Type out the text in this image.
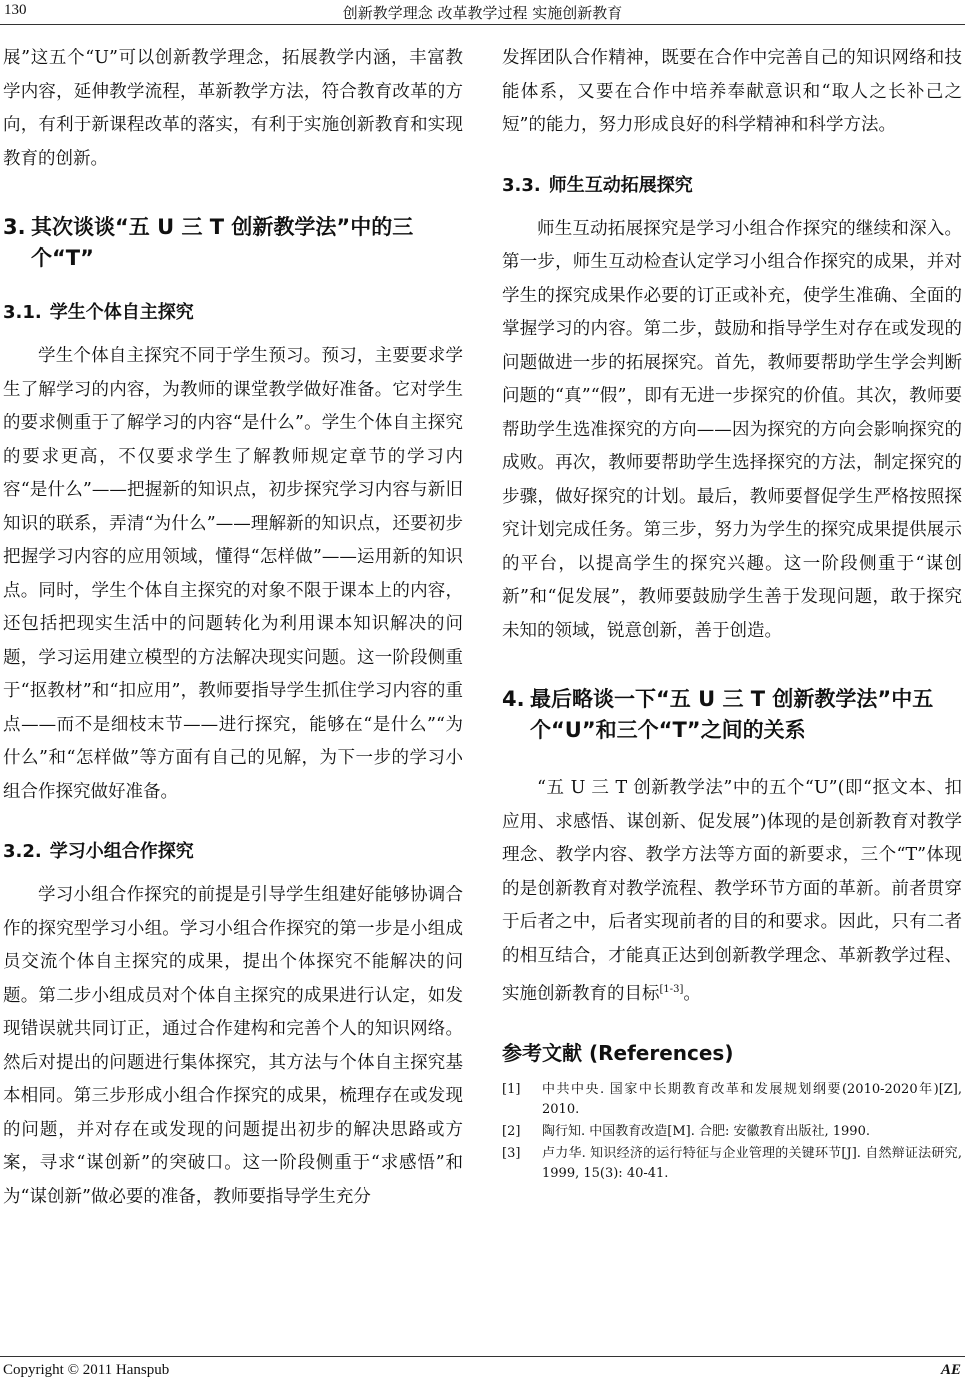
130	创新教学理念 改革教学过程 实施创新教育

展”这五个“U”可以创新教学理念，拓展教学内涵，丰富教学内容，延伸教学流程，革新教学方法，符合教育改革的方向，有利于新课程改革的落实，有利于实施创新教育和实现教育的创新。

3. 其次谈谈“五 U 三 T 创新教学法”中的三个“T”
3.1. 学生个体自主探究

学生个体自主探究不同于学生预习。预习，主要要求学生了解学习的内容，为教师的课堂教学做好准备。它对学生的要求侧重于了解学习的内容“是什么”。学生个体自主探究的要求更高，不仅要求学生了解教师规定章节的学习内容“是什么”——把握新的知识点，初步探究学习内容与新旧知识的联系，弄清“为什么”——理解新的知识点，还要初步把握学习内容的应用领域，懂得“怎样做”——运用新的知识点。同时，学生个体自主探究的对象不限于课本上的内容，还包括把现实生活中的问题转化为利用课本知识解决的问题，学习运用建立模型的方法解决现实问题。这一阶段侧重于“抠教材”和“扣应用”，教师要指导学生抓住学习内容的重点——而不是细枝末节——进行探究，能够在“是什么”“为什么”和“怎样做”等方面有自己的见解，为下一步的学习小组合作探究做好准备。

3.2. 学习小组合作探究

学习小组合作探究的前提是引导学生组建好能够协调合作的探究型学习小组。学习小组合作探究的第一步是小组成员交流个体自主探究的成果，提出个体探究不能解决的问题。第二步小组成员对个体自主探究的成果进行认定，如发现错误就共同订正，通过合作建构和完善个人的知识网络。然后对提出的问题进行集体探究，其方法与个体自主探究基本相同。第三步形成小组合作探究的成果，梳理存在或发现的问题，并对存在或发现的问题提出初步的解决思路或方案，寻求“谋创新”的突破口。这一阶段侧重于“求感悟”和为“谋创新”做必要的准备，教师要指导学生充分

发挥团队合作精神，既要在合作中完善自己的知识网络和技能体系，又要在合作中培养奉献意识和“取人之长补己之短”的能力，努力形成良好的科学精神和科学方法。

3.3. 师生互动拓展探究

师生互动拓展探究是学习小组合作探究的继续和深入。第一步，师生互动检查认定学习小组合作探究的成果，并对学生的探究成果作必要的订正或补充，使学生准确、全面的掌握学习的内容。第二步，鼓励和指导学生对存在或发现的问题做进一步的拓展探究。首先，教师要帮助学生学会判断问题的“真”“假”，即有无进一步探究的价值。其次，教师要帮助学生选准探究的方向——因为探究的方向会影响探究的成败。再次，教师要帮助学生选择探究的方法，制定探究的步骤，做好探究的计划。最后，教师要督促学生严格按照探究计划完成任务。第三步，努力为学生的探究成果提供展示的平台，以提高学生的探究兴趣。这一阶段侧重于“谋创新”和“促发展”，教师要鼓励学生善于发现问题，敢于探究未知的领域，锐意创新，善于创造。

4. 最后略谈一下“五 U 三 T 创新教学法”中五个“U”和三个“T”之间的关系

“五 U 三 T 创新教学法”中的五个“U”(即“抠文本、扣应用、求感悟、谋创新、促发展”)体现的是创新教育对教学理念、教学内容、教学方法等方面的新要求，三个“T”体现的是创新教育对教学流程、教学环节方面的革新。前者贯穿于后者之中，后者实现前者的目的和要求。因此，只有二者的相互结合，才能真正达到创新教学理念、革新教学过程、实施创新教育的目标[1-3]。

参考文献 (References)
[1]	中共中央. 国家中长期教育改革和发展规划纲要(2010-2020年)[Z], 2010.
[2]	陶行知. 中国教育改造[M]. 合肥: 安徽教育出版社, 1990.
[3]	卢力华. 知识经济的运行特征与企业管理的关键环节[J]. 自然辩证法研究, 1999, 15(3): 40-41.
Copyright © 2011 Hanspub	AE
